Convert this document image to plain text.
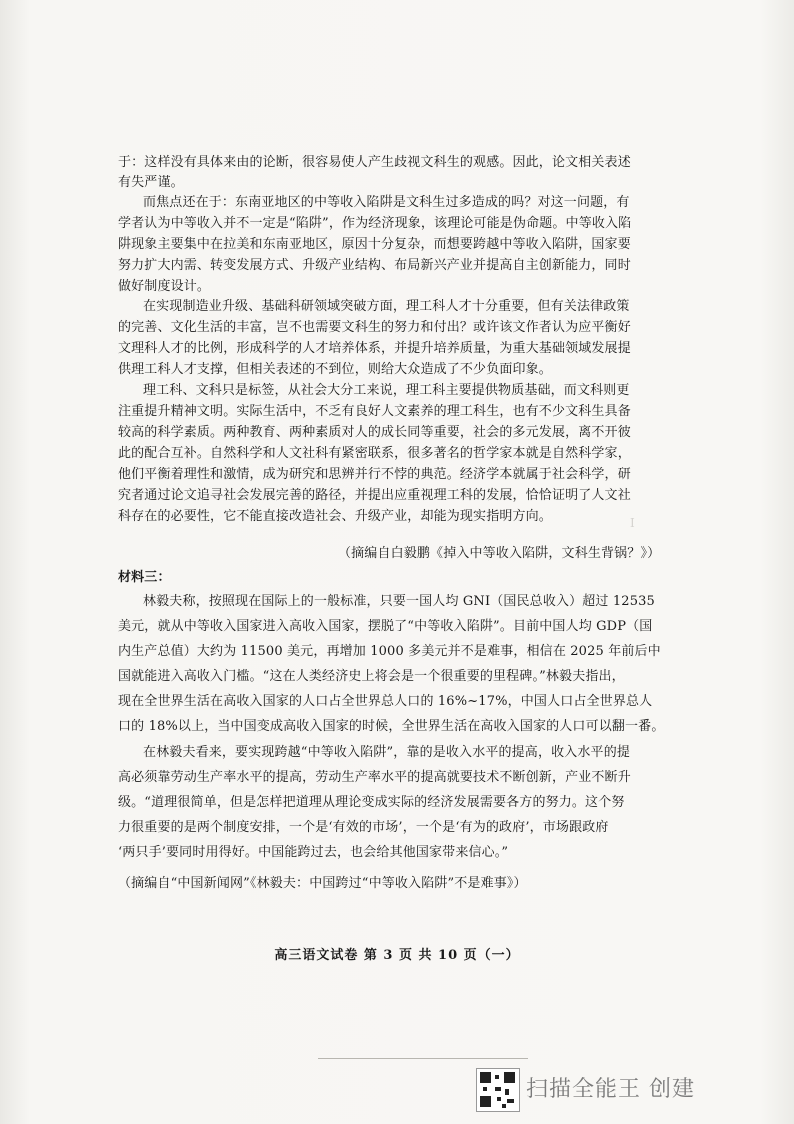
I
于：这样没有具体来由的论断，很容易使人产生歧视文科生的观感。因此，论文相关表述
有失严谨。
而焦点还在于：东南亚地区的中等收入陷阱是文科生过多造成的吗？对这一问题，有
学者认为中等收入并不一定是“陷阱”，作为经济现象，该理论可能是伪命题。中等收入陷
阱现象主要集中在拉美和东南亚地区，原因十分复杂，而想要跨越中等收入陷阱，国家要
努力扩大内需、转变发展方式、升级产业结构、布局新兴产业并提高自主创新能力，同时
做好制度设计。
在实现制造业升级、基础科研领域突破方面，理工科人才十分重要，但有关法律政策
的完善、文化生活的丰富，岂不也需要文科生的努力和付出？或许该文作者认为应平衡好
文理科人才的比例，形成科学的人才培养体系，并提升培养质量，为重大基础领域发展提
供理工科人才支撑，但相关表述的不到位，则给大众造成了不少负面印象。
理工科、文科只是标签，从社会大分工来说，理工科主要提供物质基础，而文科则更
注重提升精神文明。实际生活中，不乏有良好人文素养的理工科生，也有不少文科生具备
较高的科学素质。两种教育、两种素质对人的成长同等重要，社会的多元发展，离不开彼
此的配合互补。自然科学和人文社科有紧密联系，很多著名的哲学家本就是自然科学家，
他们平衡着理性和激情，成为研究和思辨并行不悖的典范。经济学本就属于社会科学，研
究者通过论文追寻社会发展完善的路径，并提出应重视理工科的发展，恰恰证明了人文社
科存在的必要性，它不能直接改造社会、升级产业，却能为现实指明方向。
（摘编自白毅鹏《掉入中等收入陷阱，文科生背锅？》）
材料三：
林毅夫称，按照现在国际上的一般标准，只要一国人均 GNI（国民总收入）超过 12535
美元，就从中等收入国家进入高收入国家，摆脱了“中等收入陷阱”。目前中国人均 GDP（国
内生产总值）大约为 11500 美元，再增加 1000 多美元并不是难事，相信在 2025 年前后中
国就能进入高收入门槛。“这在人类经济史上将会是一个很重要的里程碑。”林毅夫指出，
现在全世界生活在高收入国家的人口占全世界总人口的 16%~17%，中国人口占全世界总人
口的 18%以上，当中国变成高收入国家的时候，全世界生活在高收入国家的人口可以翻一番。
在林毅夫看来，要实现跨越“中等收入陷阱”，靠的是收入水平的提高，收入水平的提
高必须靠劳动生产率水平的提高，劳动生产率水平的提高就要技术不断创新，产业不断升
级。“道理很简单，但是怎样把道理从理论变成实际的经济发展需要各方的努力。这个努
力很重要的是两个制度安排，一个是‘有效的市场’，一个是‘有为的政府’，市场跟政府
‘两只手’要同时用得好。中国能跨过去，也会给其他国家带来信心。”
（摘编自“中国新闻网”《林毅夫：中国跨过“中等收入陷阱”不是难事》）
高三语文试卷 第 3 页 共 10 页（一）
扫描全能王 创建
